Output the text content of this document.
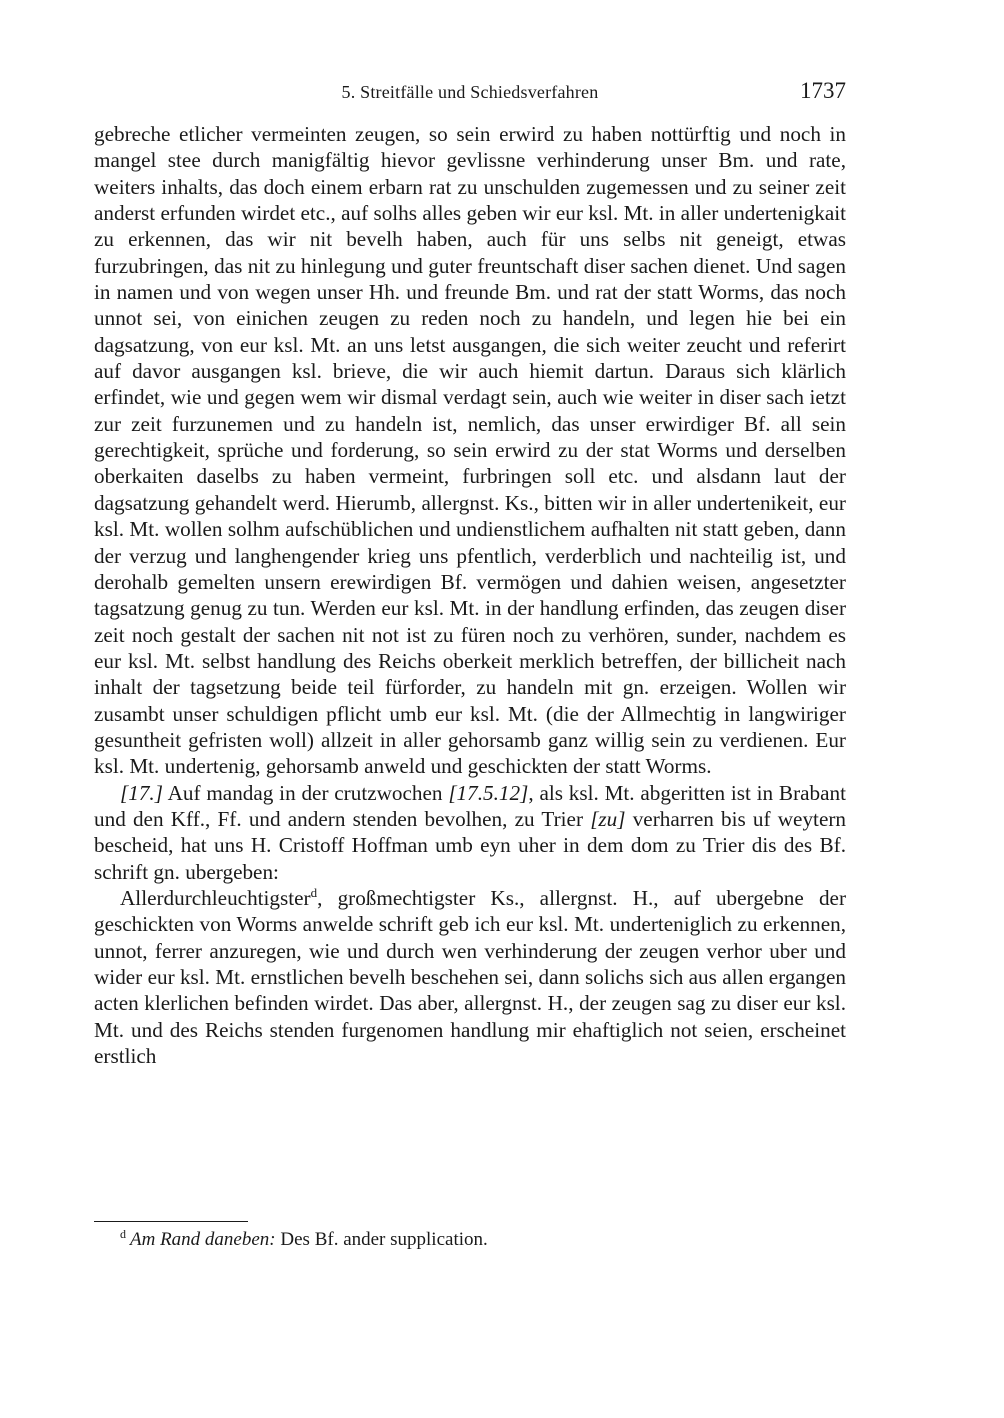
5. Streitfälle und Schiedsverfahren	1737

gebreche etlicher vermeinten zeugen, so sein erwird zu haben nottürftig und noch in mangel stee durch manigfältig hievor gevlissne verhinderung unser Bm. und rate, weiters inhalts, das doch einem erbarn rat zu unschulden zugemessen und zu seiner zeit anderst erfunden wirdet etc., auf solhs alles geben wir eur ksl. Mt. in aller undertenigkait zu erkennen, das wir nit bevelh haben, auch für uns selbs nit geneigt, etwas furzubringen, das nit zu hinlegung und guter freuntschaft diser sachen dienet. Und sagen in namen und von wegen unser Hh. und freunde Bm. und rat der statt Worms, das noch unnot sei, von einichen zeugen zu reden noch zu handeln, und legen hie bei ein dagsatzung, von eur ksl. Mt. an uns letst ausgangen, die sich weiter zeucht und referirt auf davor ausgangen ksl. brieve, die wir auch hiemit dartun. Daraus sich klärlich erfindet, wie und gegen wem wir dismal verdagt sein, auch wie weiter in diser sach ietzt zur zeit furzunemen und zu handeln ist, nemlich, das unser erwirdiger Bf. all sein gerechtigkeit, sprüche und forderung, so sein erwird zu der stat Worms und derselben oberkaiten daselbs zu haben vermeint, furbringen soll etc. und alsdann laut der dagsatzung gehandelt werd. Hierumb, allergnst. Ks., bitten wir in aller undertenikeit, eur ksl. Mt. wollen solhm aufschüblichen und undienstlichem aufhalten nit statt geben, dann der verzug und langhengender krieg uns pfentlich, verderblich und nachteilig ist, und derohalb gemelten unsern erewirdigen Bf. vermögen und dahien weisen, angesetzter tagsatzung genug zu tun. Werden eur ksl. Mt. in der handlung erfinden, das zeugen diser zeit noch gestalt der sachen nit not ist zu füren noch zu verhören, sunder, nachdem es eur ksl. Mt. selbst handlung des Reichs oberkeit merklich betreffen, der billicheit nach inhalt der tagsetzung beide teil fürforder, zu handeln mit gn. erzeigen. Wollen wir zusambt unser schuldigen pflicht umb eur ksl. Mt. (die der Allmechtig in langwiriger gesuntheit gefristen woll) allzeit in aller gehorsamb ganz willig sein zu verdienen. Eur ksl. Mt. undertenig, gehorsamb anweld und geschickten der statt Worms.

[17.] Auf mandag in der crutzwochen [17.5.12], als ksl. Mt. abgeritten ist in Brabant und den Kff., Ff. und andern stenden bevolhen, zu Trier [zu] verharren bis uf weytern bescheid, hat uns H. Cristoff Hoffman umb eyn uher in dem dom zu Trier dis des Bf. schrift gn. ubergeben:

Allerdurchleuchtigster$^d$, großmechtigster Ks., allergnst. H., auf ubergebne der geschickten von Worms anwelde schrift geb ich eur ksl. Mt. underteniglich zu erkennen, unnot, ferrer anzuregen, wie und durch wen verhinderung der zeugen verhor uber und wider eur ksl. Mt. ernstlichen bevelh beschehen sei, dann solichs sich aus allen ergangen acten klerlichen befinden wirdet. Das aber, allergnst. H., der zeugen sag zu diser eur ksl. Mt. und des Reichs stenden furgenomen handlung mir ehaftiglich not seien, erscheinet erstlich

$^d$ Am Rand daneben: Des Bf. ander supplication.
